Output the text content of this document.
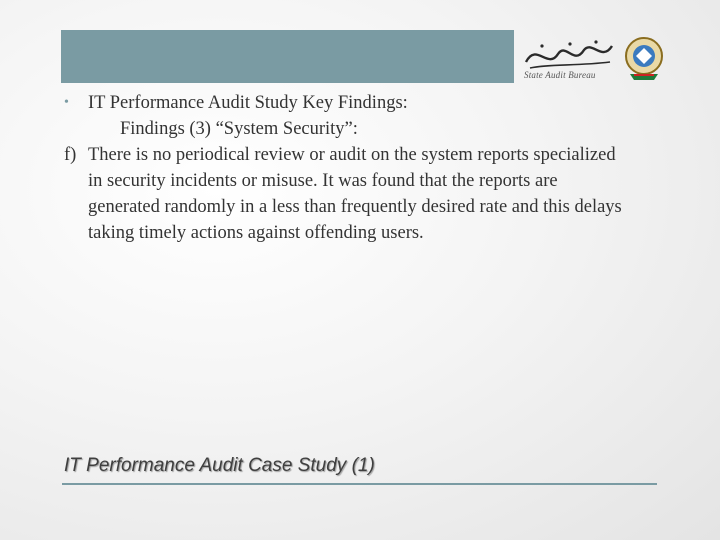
State Audit Bureau
•	IT Performance Audit Study Key Findings:
Findings (3) “System Security”:
f) There is no periodical review or audit on the system reports specialized in security incidents or misuse. It was found that the reports are generated randomly in a less than frequently desired rate and this delays taking timely actions against offending users.
IT Performance Audit Case Study (1)
